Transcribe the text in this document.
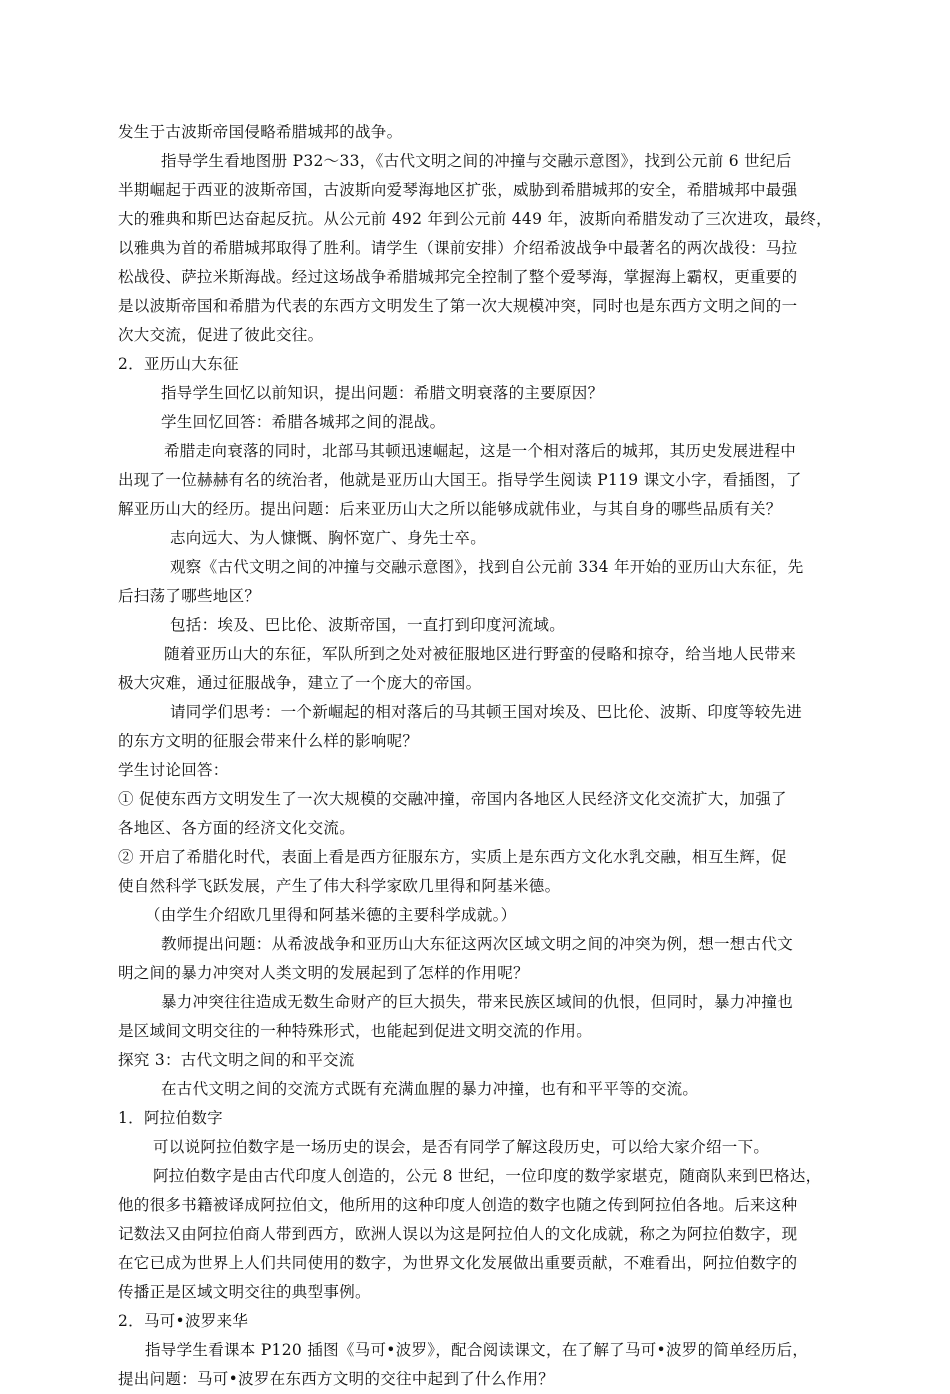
发生于古波斯帝国侵略希腊城邦的战争。
指导学生看地图册 P32～33，《古代文明之间的冲撞与交融示意图》，找到公元前 6 世纪后
半期崛起于西亚的波斯帝国，古波斯向爱琴海地区扩张，威胁到希腊城邦的安全，希腊城邦中最强
大的雅典和斯巴达奋起反抗。从公元前 492 年到公元前 449 年，波斯向希腊发动了三次进攻，最终，
以雅典为首的希腊城邦取得了胜利。请学生（课前安排）介绍希波战争中最著名的两次战役：马拉
松战役、萨拉米斯海战。经过这场战争希腊城邦完全控制了整个爱琴海，掌握海上霸权，更重要的
是以波斯帝国和希腊为代表的东西方文明发生了第一次大规模冲突，同时也是东西方文明之间的一
次大交流，促进了彼此交往。
2．亚历山大东征
指导学生回忆以前知识，提出问题：希腊文明衰落的主要原因？
学生回忆回答：希腊各城邦之间的混战。
希腊走向衰落的同时，北部马其顿迅速崛起，这是一个相对落后的城邦，其历史发展进程中
出现了一位赫赫有名的统治者，他就是亚历山大国王。指导学生阅读 P119 课文小字，看插图，了
解亚历山大的经历。提出问题：后来亚历山大之所以能够成就伟业，与其自身的哪些品质有关？
志向远大、为人慷慨、胸怀宽广、身先士卒。
观察《古代文明之间的冲撞与交融示意图》，找到自公元前 334 年开始的亚历山大东征，先
后扫荡了哪些地区？
包括：埃及、巴比伦、波斯帝国，一直打到印度河流域。
随着亚历山大的东征，军队所到之处对被征服地区进行野蛮的侵略和掠夺，给当地人民带来
极大灾难，通过征服战争，建立了一个庞大的帝国。
请同学们思考：一个新崛起的相对落后的马其顿王国对埃及、巴比伦、波斯、印度等较先进
的东方文明的征服会带来什么样的影响呢？
学生讨论回答：
① 促使东西方文明发生了一次大规模的交融冲撞，帝国内各地区人民经济文化交流扩大，加强了
各地区、各方面的经济文化交流。
② 开启了希腊化时代，表面上看是西方征服东方，实质上是东西方文化水乳交融，相互生辉，促
使自然科学飞跃发展，产生了伟大科学家欧几里得和阿基米德。
（由学生介绍欧几里得和阿基米德的主要科学成就。）
教师提出问题：从希波战争和亚历山大东征这两次区域文明之间的冲突为例，想一想古代文
明之间的暴力冲突对人类文明的发展起到了怎样的作用呢？
暴力冲突往往造成无数生命财产的巨大损失，带来民族区域间的仇恨，但同时，暴力冲撞也
是区域间文明交往的一种特殊形式，也能起到促进文明交流的作用。
探究 3：古代文明之间的和平交流
在古代文明之间的交流方式既有充满血腥的暴力冲撞，也有和平平等的交流。
1．阿拉伯数字
可以说阿拉伯数字是一场历史的误会，是否有同学了解这段历史，可以给大家介绍一下。
阿拉伯数字是由古代印度人创造的，公元 8 世纪，一位印度的数学家堪克，随商队来到巴格达，
他的很多书籍被译成阿拉伯文，他所用的这种印度人创造的数字也随之传到阿拉伯各地。后来这种
记数法又由阿拉伯商人带到西方，欧洲人误以为这是阿拉伯人的文化成就，称之为阿拉伯数字，现
在它已成为世界上人们共同使用的数字，为世界文化发展做出重要贡献，不难看出，阿拉伯数字的
传播正是区域文明交往的典型事例。
2．马可•波罗来华
指导学生看课本 P120 插图《马可•波罗》，配合阅读课文，在了解了马可•波罗的简单经历后，
提出问题：马可•波罗在东西方文明的交往中起到了什么作用？
